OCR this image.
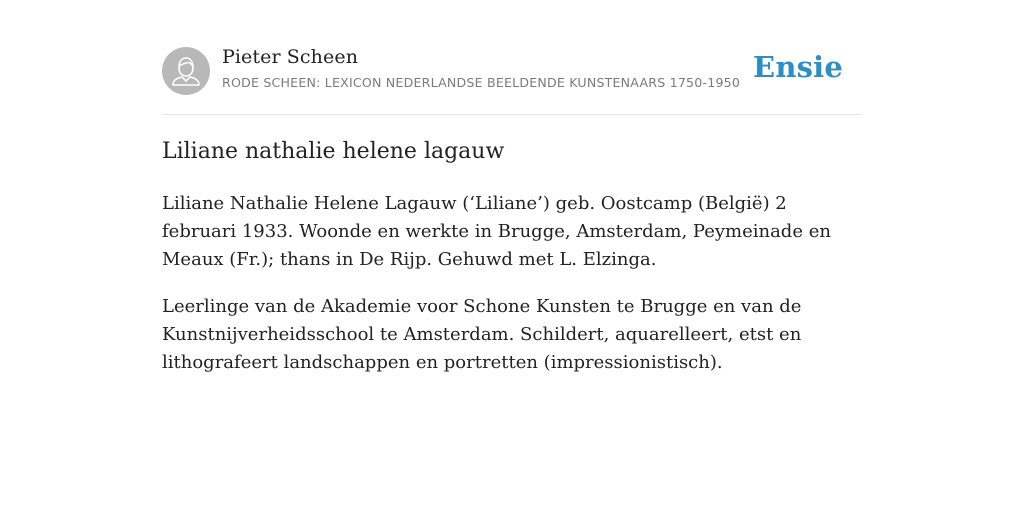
Pieter Scheen
RODE SCHEEN: LEXICON NEDERLANDSE BEELDENDE KUNSTENAARS 1750-1950 Ensie
Liliane nathalie helene lagauw

Liliane Nathalie Helene Lagauw (‘Liliane’) geb. Oostcamp (België) 2 februari 1933. Woonde en werkte in Brugge, Amsterdam, Peymeinade en Meaux (Fr.); thans in De Rijp. Gehuwd met L. Elzinga.

Leerlinge van de Akademie voor Schone Kunsten te Brugge en van de Kunstnijverheidsschool te Amsterdam. Schildert, aquarelleert, etst en lithografeert landschappen en portretten (impressionistisch).
